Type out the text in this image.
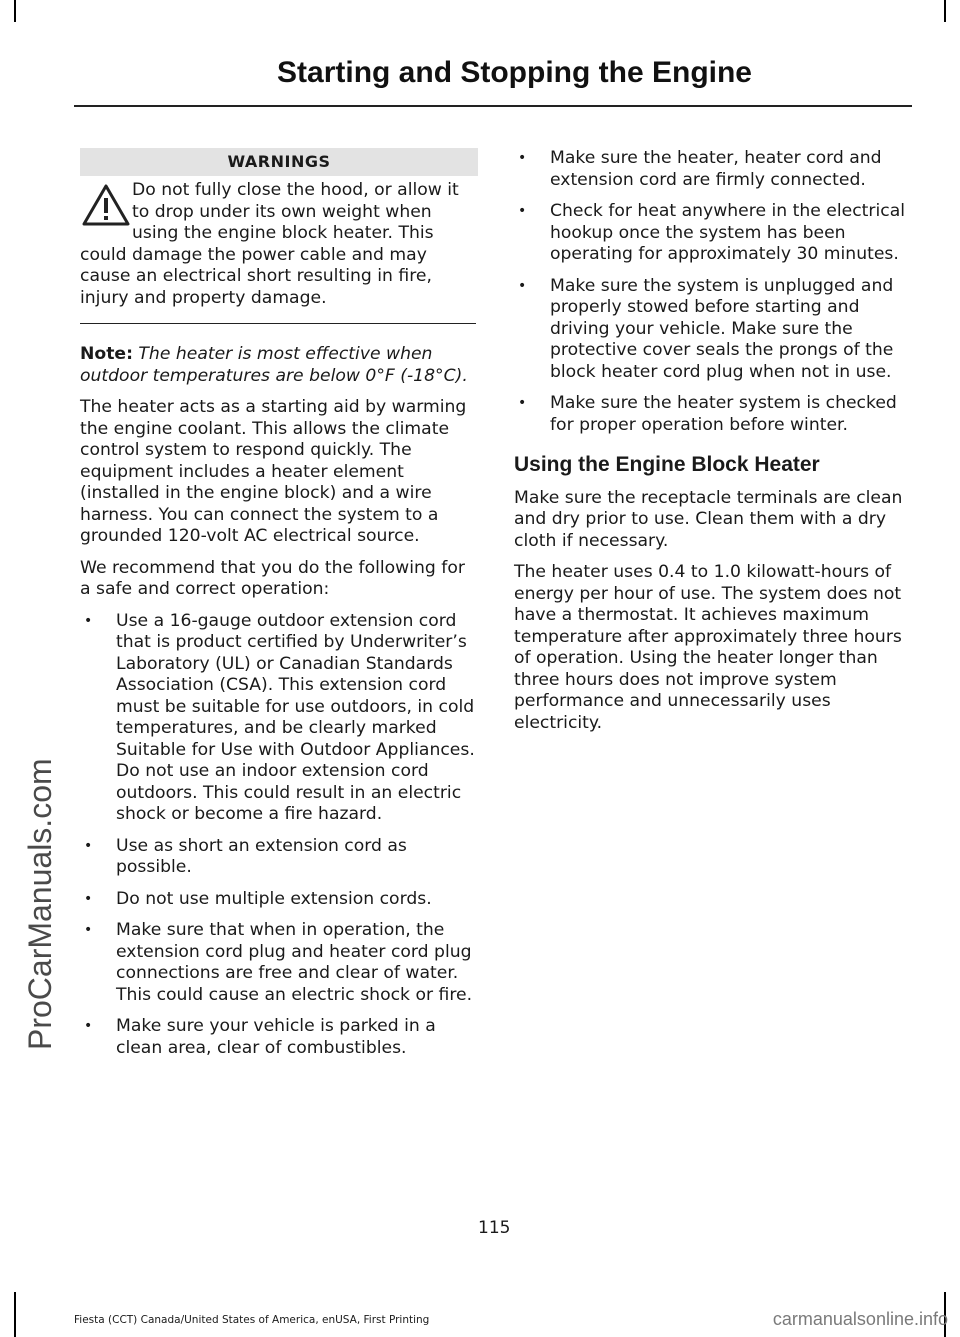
ProCarManuals.com
Starting and Stopping the Engine
WARNINGS

Do not fully close the hood, or allow it to drop under its own weight when using the engine block heater. This could damage the power cable and may cause an electrical short resulting in fire, injury and property damage.

Note: The heater is most effective when outdoor temperatures are below 0°F (-18°C).

The heater acts as a starting aid by warming the engine coolant. This allows the climate control system to respond quickly. The equipment includes a heater element (installed in the engine block) and a wire harness. You can connect the system to a grounded 120-volt AC electrical source.

We recommend that you do the following for a safe and correct operation:

• Use a 16-gauge outdoor extension cord that is product certified by Underwriter’s Laboratory (UL) or Canadian Standards Association (CSA). This extension cord must be suitable for use outdoors, in cold temperatures, and be clearly marked Suitable for Use with Outdoor Appliances. Do not use an indoor extension cord outdoors. This could result in an electric shock or become a fire hazard.
• Use as short an extension cord as possible.
• Do not use multiple extension cords.
• Make sure that when in operation, the extension cord plug and heater cord plug connections are free and clear of water. This could cause an electric shock or fire.
• Make sure your vehicle is parked in a clean area, clear of combustibles.
• Make sure the heater, heater cord and extension cord are firmly connected.
• Check for heat anywhere in the electrical hookup once the system has been operating for approximately 30 minutes.
• Make sure the system is unplugged and properly stowed before starting and driving your vehicle. Make sure the protective cover seals the prongs of the block heater cord plug when not in use.
• Make sure the heater system is checked for proper operation before winter.
Using the Engine Block Heater

Make sure the receptacle terminals are clean and dry prior to use. Clean them with a dry cloth if necessary.

The heater uses 0.4 to 1.0 kilowatt-hours of energy per hour of use. The system does not have a thermostat. It achieves maximum temperature after approximately three hours of operation. Using the heater longer than three hours does not improve system performance and unnecessarily uses electricity.

115
Fiesta (CCT) Canada/United States of America, enUSA, First Printing	carmanualsonline.info
